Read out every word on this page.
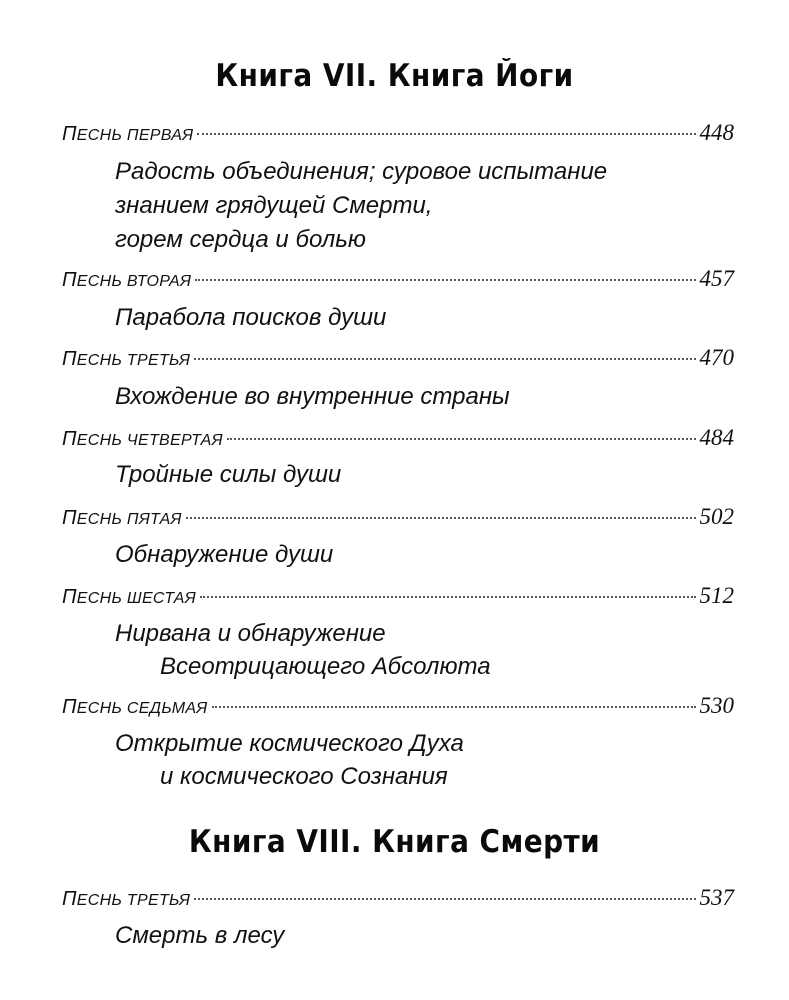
Книга VII. Книга Йоги
ПЕСНЬ ПЕРВАЯ	448
Радость объединения; суровое испытание
знанием грядущей Смерти,
горем сердца и болью
ПЕСНЬ ВТОРАЯ	457
Парабола поисков души
ПЕСНЬ ТРЕТЬЯ	470
Вхождение во внутренние страны
ПЕСНЬ ЧЕТВЕРТАЯ	484
Тройные силы души
ПЕСНЬ ПЯТАЯ	502
Обнаружение души
ПЕСНЬ ШЕСТАЯ	512
Нирвана и обнаружение
Всеотрицающего Абсолюта
ПЕСНЬ СЕДЬМАЯ	530
Открытие космического Духа
и космического Сознания
Книга VIII. Книга Смерти
ПЕСНЬ ТРЕТЬЯ	537
Смерть в лесу
